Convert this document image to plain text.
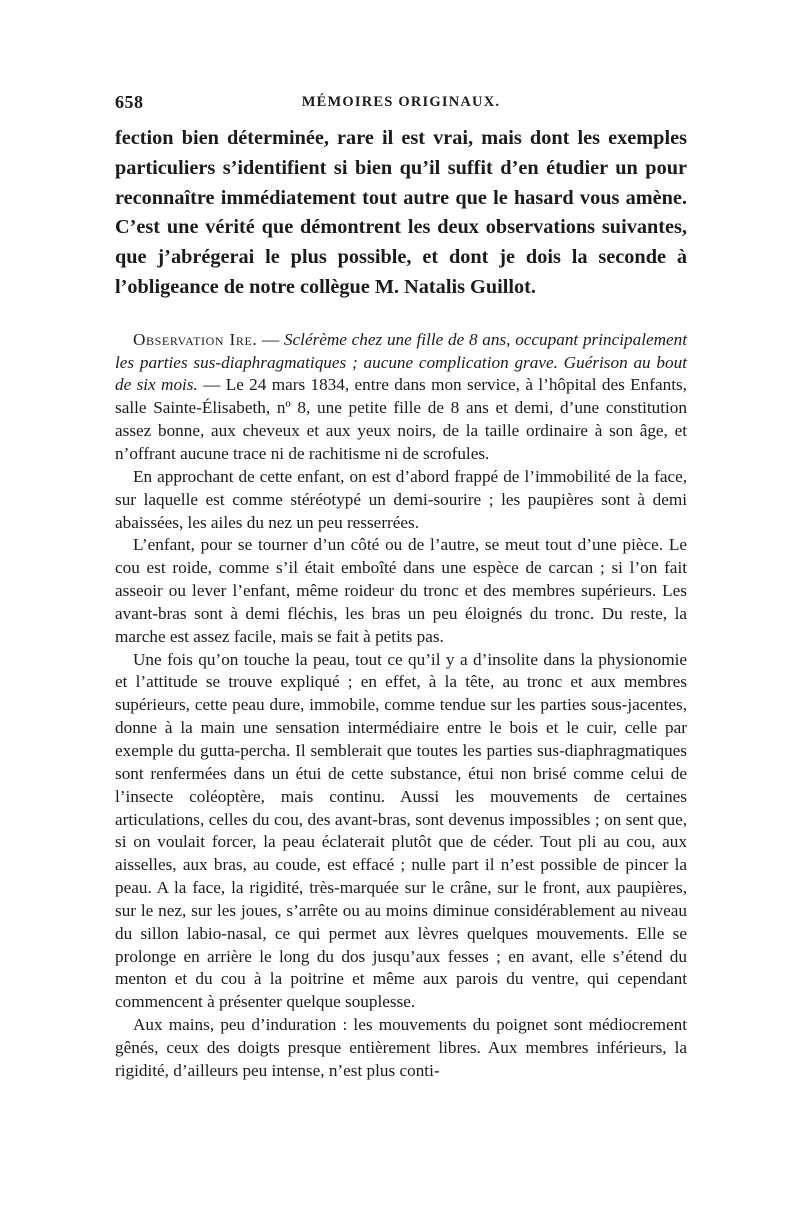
658	MÉMOIRES ORIGINAUX.

fection bien déterminée, rare il est vrai, mais dont les exemples particuliers s’identifient si bien qu’il suffit d’en étudier un pour reconnaître immédiatement tout autre que le hasard vous amène. C’est une vérité que démontrent les deux observations suivantes, que j’abrégerai le plus possible, et dont je dois la seconde à l’obligeance de notre collègue M. Natalis Guillot.

Observation Ire. — Sclérème chez une fille de 8 ans, occupant principalement les parties sus-diaphragmatiques ; aucune complication grave. Guérison au bout de six mois. — Le 24 mars 1834, entre dans mon service, à l’hôpital des Enfants, salle Sainte-Élisabeth, nº 8, une petite fille de 8 ans et demi, d’une constitution assez bonne, aux cheveux et aux yeux noirs, de la taille ordinaire à son âge, et n’offrant aucune trace ni de rachitisme ni de scrofules.

En approchant de cette enfant, on est d’abord frappé de l’immobilité de la face, sur laquelle est comme stéréotypé un demi-sourire ; les paupières sont à demi abaissées, les ailes du nez un peu resserrées.

L’enfant, pour se tourner d’un côté ou de l’autre, se meut tout d’une pièce. Le cou est roide, comme s’il était emboîté dans une espèce de carcan ; si l’on fait asseoir ou lever l’enfant, même roideur du tronc et des membres supérieurs. Les avant-bras sont à demi fléchis, les bras un peu éloignés du tronc. Du reste, la marche est assez facile, mais se fait à petits pas.

Une fois qu’on touche la peau, tout ce qu’il y a d’insolite dans la physionomie et l’attitude se trouve expliqué ; en effet, à la tête, au tronc et aux membres supérieurs, cette peau dure, immobile, comme tendue sur les parties sous-jacentes, donne à la main une sensation intermédiaire entre le bois et le cuir, celle par exemple du gutta-percha. Il semblerait que toutes les parties sus-diaphragmatiques sont renfermées dans un étui de cette substance, étui non brisé comme celui de l’insecte coléoptère, mais continu. Aussi les mouvements de certaines articulations, celles du cou, des avant-bras, sont devenus impossibles ; on sent que, si on voulait forcer, la peau éclaterait plutôt que de céder. Tout pli au cou, aux aisselles, aux bras, au coude, est effacé ; nulle part il n’est possible de pincer la peau. A la face, la rigidité, très-marquée sur le crâne, sur le front, aux paupières, sur le nez, sur les joues, s’arrête ou au moins diminue considérablement au niveau du sillon labio-nasal, ce qui permet aux lèvres quelques mouvements. Elle se prolonge en arrière le long du dos jusqu’aux fesses ; en avant, elle s’étend du menton et du cou à la poitrine et même aux parois du ventre, qui cependant commencent à présenter quelque souplesse.

Aux mains, peu d’induration : les mouvements du poignet sont médiocrement gênés, ceux des doigts presque entièrement libres. Aux membres inférieurs, la rigidité, d’ailleurs peu intense, n’est plus conti-
